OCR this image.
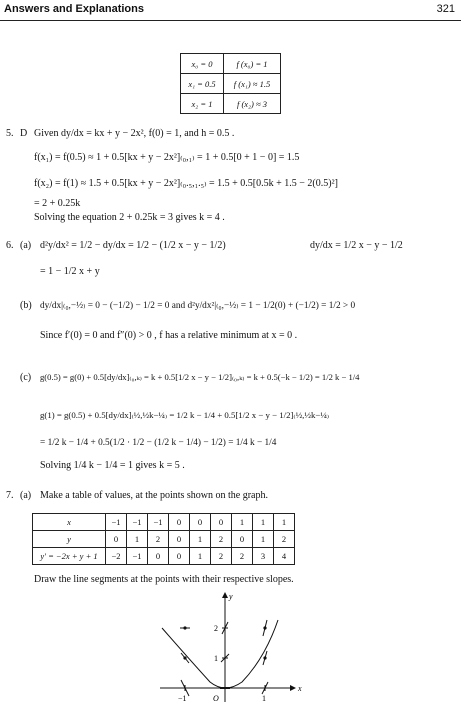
Answers and Explanations	321
x₀ = 0	f (x₀) = 1
x₁ = 0.5	f (x₁) ≈ 1.5
x₂ = 1	f (x₂) ≈ 3
5. D Given dy/dx = kx + y − 2x², f(0) = 1, and h = 0.5 .
f(x₁) = f(0.5) ≈ 1 + 0.5[kx + y − 2x²]₍₀,₁₎ = 1 + 0.5[0 + 1 − 0] = 1.5
f(x₂) = f(1) ≈ 1.5 + 0.5[kx + y − 2x²]₍₀.₅,₁.₅₎ = 1.5 + 0.5[0.5k + 1.5 − 2(0.5)²]
= 2 + 0.25k
Solving the equation 2 + 0.25k = 3 gives k = 4 .
6. (a) d²y/dx² = 1/2 − dy/dx = 1/2 − (1/2 x − y − 1/2)	dy/dx = 1/2 x − y − 1/2
= 1 − 1/2 x + y
(b) dy/dx|₍₀,−½₎ = 0 − (−1/2) − 1/2 = 0 and d²y/dx²|₍₀,−½₎ = 1 − 1/2(0) + (−1/2) = 1/2 > 0
Since f′(0) = 0 and f″(0) > 0 , f has a relative minimum at x = 0 .
(c) g(0.5) = g(0) + 0.5[dy/dx]₍₀,ₖ₎ = k + 0.5[1/2 x − y − 1/2]₍₀,ₖ₎ = k + 0.5(−k − 1/2) = 1/2 k − 1/4
g(1) = g(0.5) + 0.5[dy/dx]₍½,½k−¼₎ = 1/2 k − 1/4 + 0.5[1/2 x − y − 1/2]₍½,½k−¼₎
= 1/2 k − 1/4 + 0.5(1/2 · 1/2 − (1/2 k − 1/4) − 1/2) = 1/4 k − 1/4
Solving 1/4 k − 1/4 = 1 gives k = 5 .
7. (a) Make a table of values, at the points shown on the graph.
x	−1	−1	−1	0	0	0	1	1	1
y	0	1	2	0	1	2	0	1	2
y′ = −2x + y + 1	−2	−1	0	0	1	2	2	3	4
Draw the line segments at the points with their respective slopes.
x
y
O
−1	1
1
2
